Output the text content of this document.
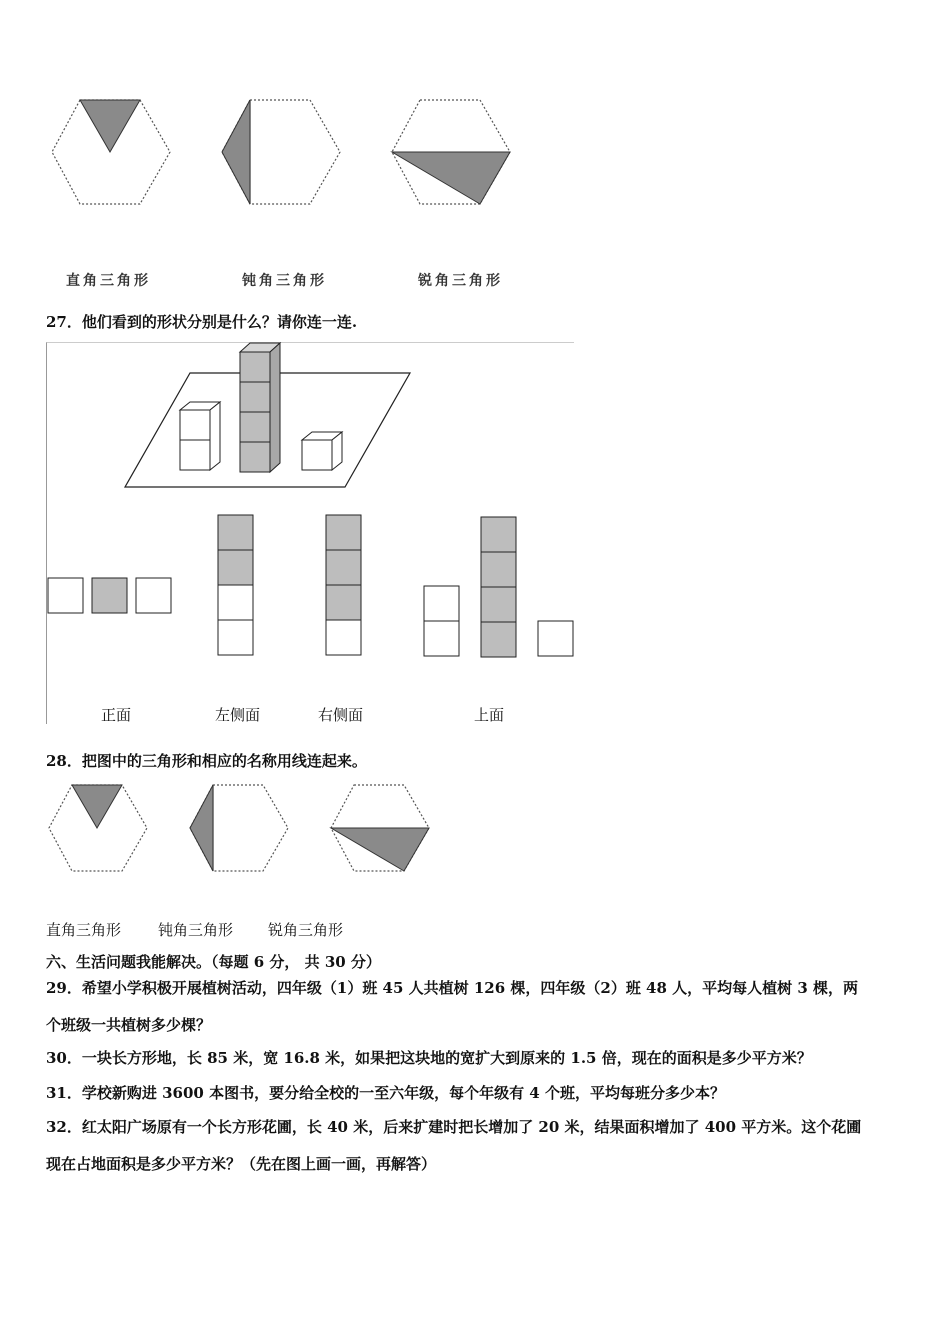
直角三角形	钝角三角形	锐角三角形
27．他们看到的形状分别是什么？请你连一连.
正面	左侧面	右侧面	上面
28．把图中的三角形和相应的名称用线连起来。
直角三角形 钝角三角形 锐角三角形
六、生活问题我能解决。（每题 6 分， 共 30 分）
29．希望小学积极开展植树活动，四年级（1）班 45 人共植树 126 棵，四年级（2）班 48 人，平均每人植树 3 棵，两
个班级一共植树多少棵？
30．一块长方形地，长 85 米，宽 16.8 米，如果把这块地的宽扩大到原来的 1.5 倍，现在的面积是多少平方米？
31．学校新购进 3600 本图书，要分给全校的一至六年级，每个年级有 4 个班，平均每班分多少本？
32．红太阳广场原有一个长方形花圃，长 40 米，后来扩建时把长增加了 20 米，结果面积增加了 400 平方米。这个花圃
现在占地面积是多少平方米？（先在图上画一画，再解答）
